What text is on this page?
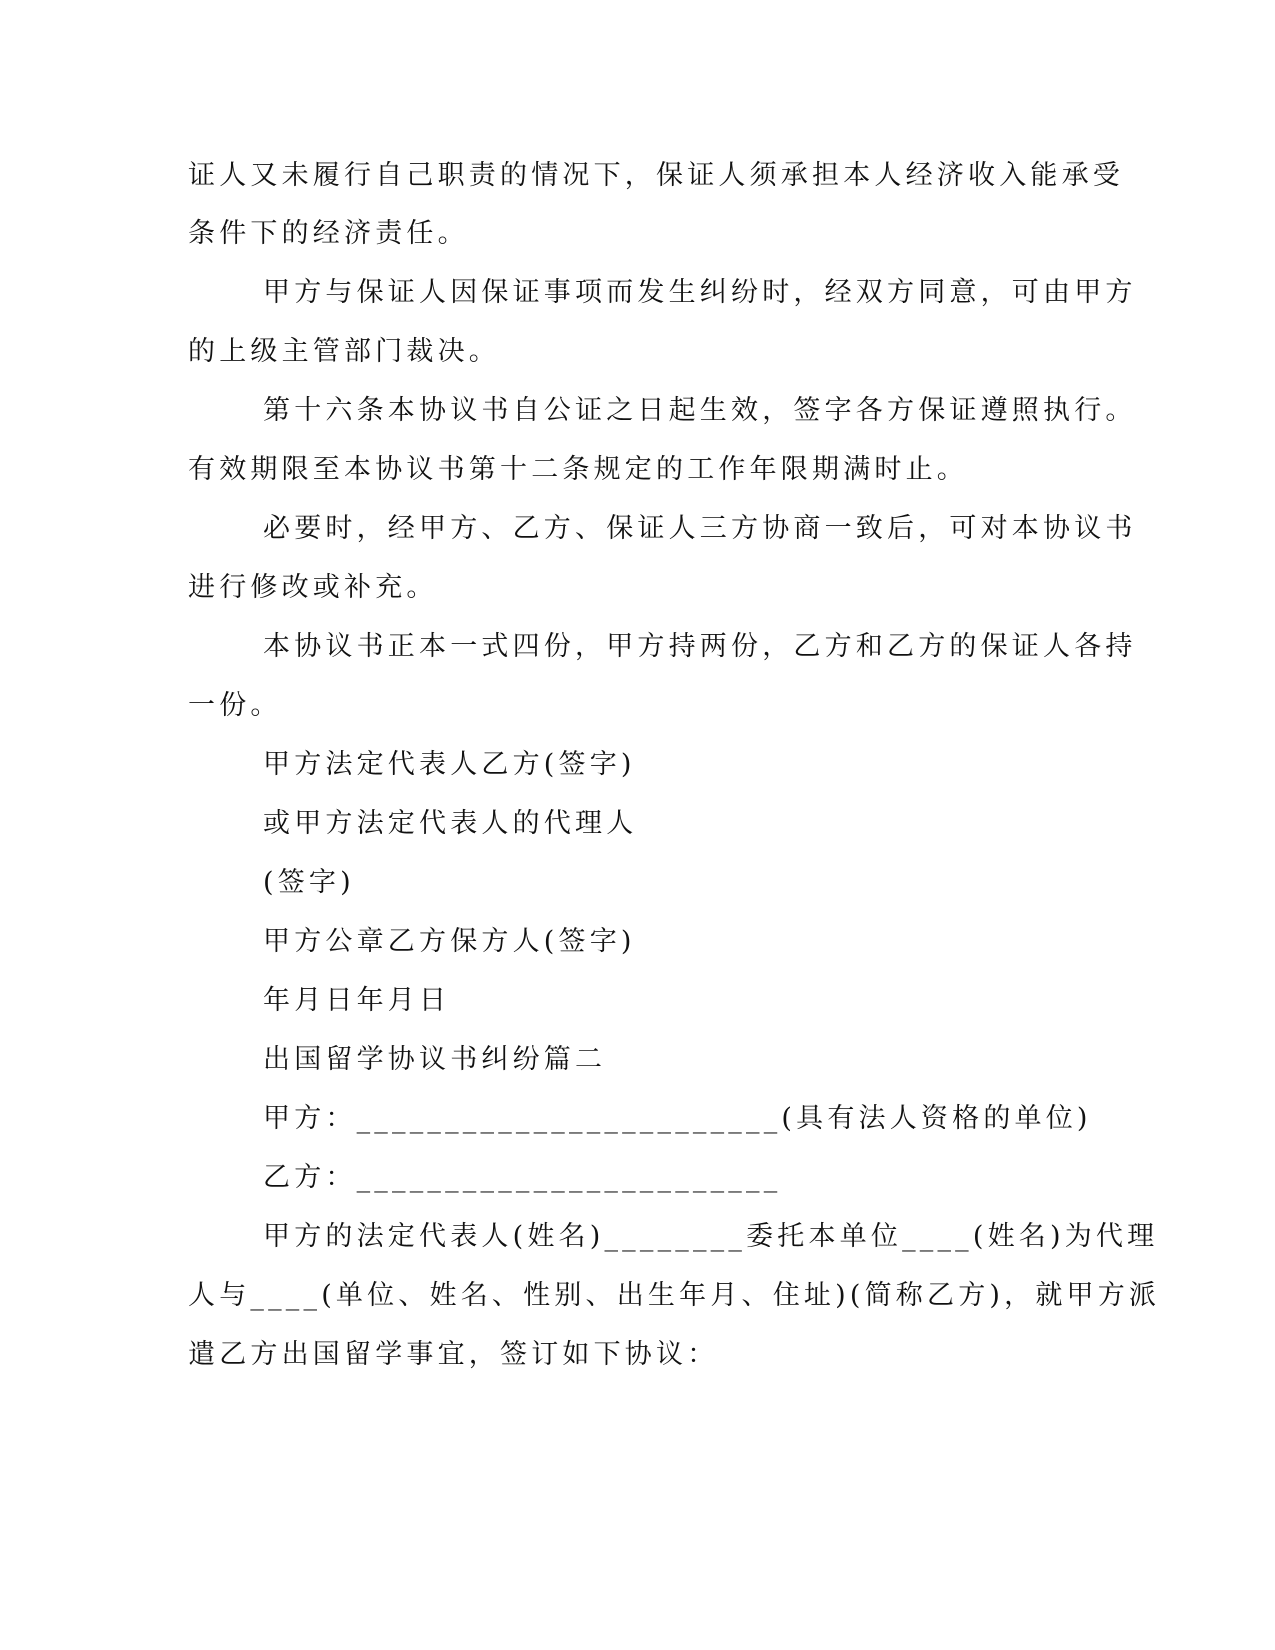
证人又未履行自己职责的情况下，保证人须承担本人经济收入能承受
条件下的经济责任。
甲方与保证人因保证事项而发生纠纷时，经双方同意，可由甲方
的上级主管部门裁决。
第十六条本协议书自公证之日起生效，签字各方保证遵照执行。
有效期限至本协议书第十二条规定的工作年限期满时止。
必要时，经甲方、乙方、保证人三方协商一致后，可对本协议书
进行修改或补充。
本协议书正本一式四份，甲方持两份，乙方和乙方的保证人各持
一份。
甲方法定代表人乙方(签字)
或甲方法定代表人的代理人
(签字)
甲方公章乙方保方人(签字)
年月日年月日
出国留学协议书纠纷篇二
甲方：________________________(具有法人资格的单位)
乙方：________________________
甲方的法定代表人(姓名)________委托本单位____(姓名)为代理
人与____(单位、姓名、性别、出生年月、住址)(简称乙方)，就甲方派
遣乙方出国留学事宜，签订如下协议：
